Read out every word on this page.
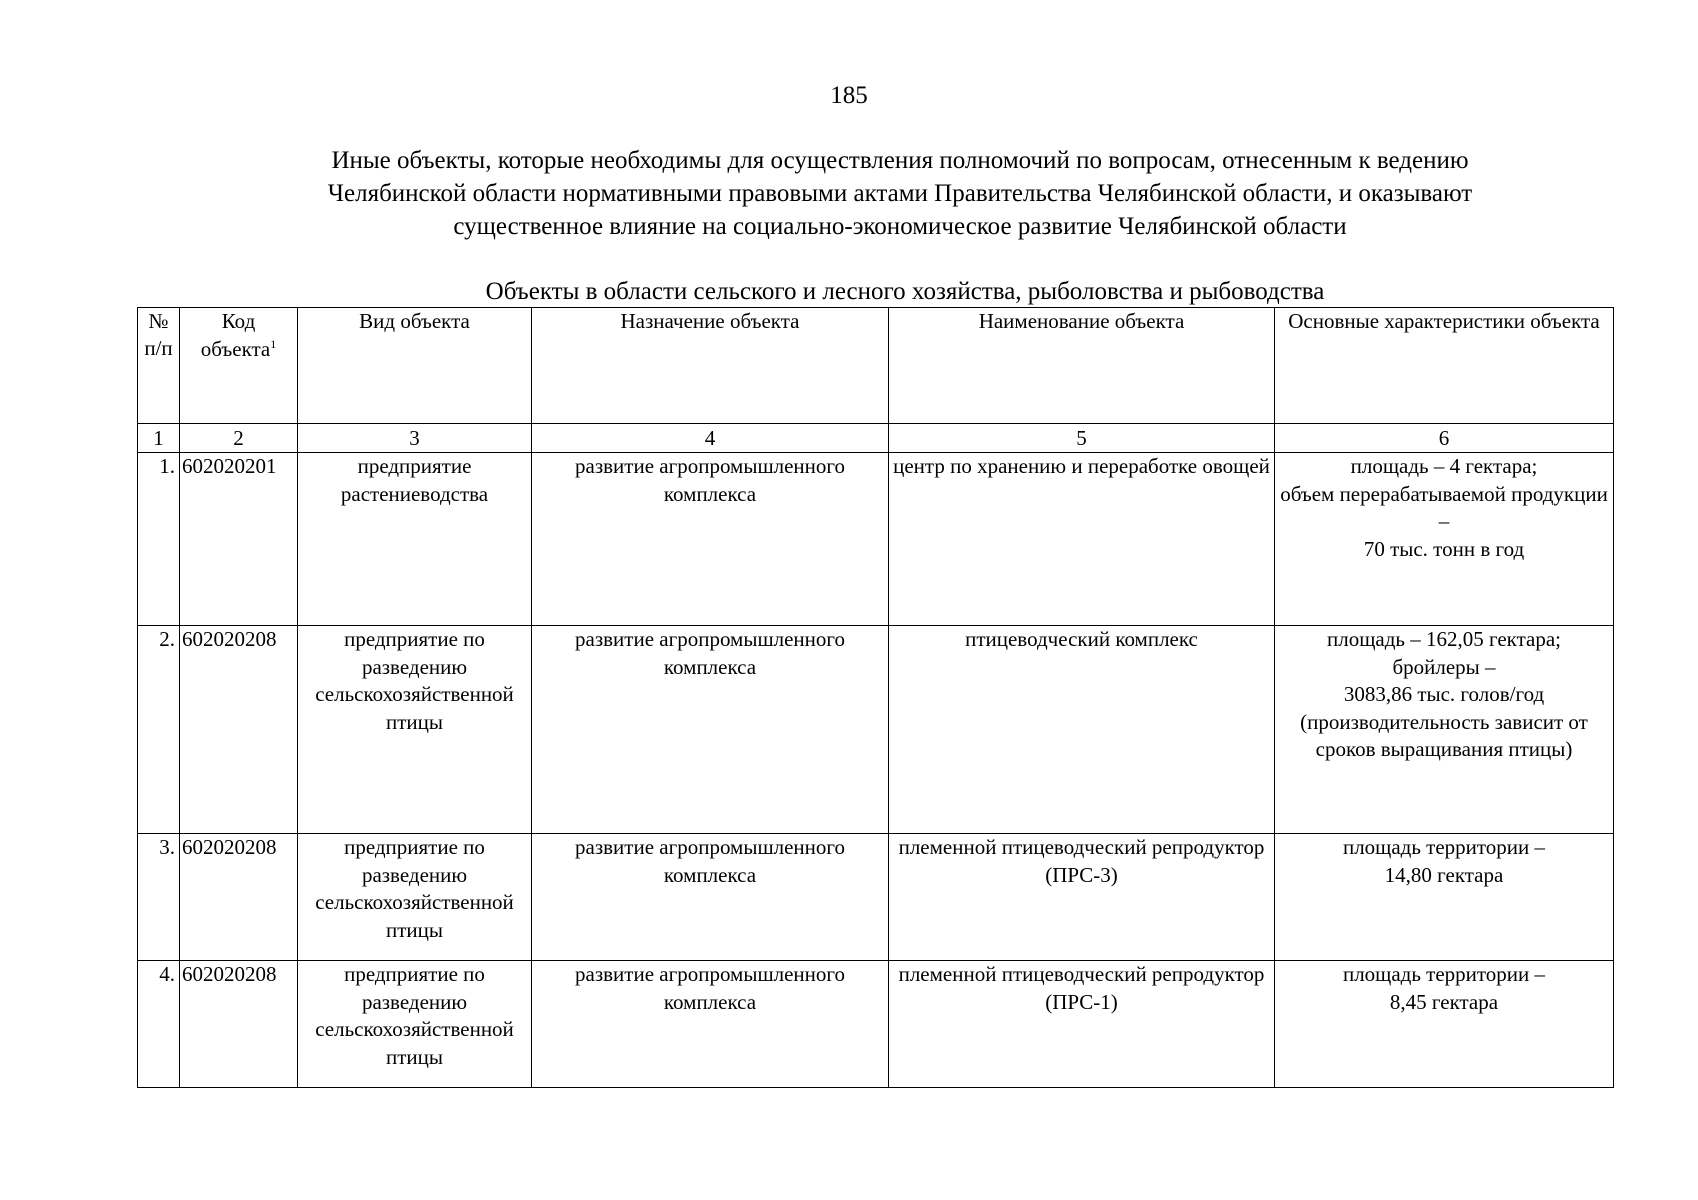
185
Иные объекты, которые необходимы для осуществления полномочий по вопросам, отнесенным к ведению
Челябинской области нормативными правовыми актами Правительства Челябинской области, и оказывают
существенное влияние на социально-экономическое развитие Челябинской области
Объекты в области сельского и лесного хозяйства, рыболовства и рыбоводства
№ п/п	Код объекта$^1$	Вид объекта	Назначение объекта	Наименование объекта	Основные характеристики объекта
1	2	3	4	5	6
1.	602020201	предприятие растениеводства	развитие агропромышленного комплекса	центр по хранению и переработке овощей	площадь – 4 гектара;
объем перерабатываемой продукции –
70 тыс. тонн в год

2.	602020208	предприятие по разведению сельскохозяйственной птицы	развитие агропромышленного комплекса	птицеводческий комплекс	площадь – 162,05 гектара;
бройлеры –
3083,86 тыс. голов/год
(производительность зависит от
сроков выращивания птицы)

3.	602020208	предприятие по разведению сельскохозяйственной птицы	развитие агропромышленного комплекса	племенной птицеводческий репродуктор (ПРС-3)	площадь территории –
14,80 гектара

4.	602020208	предприятие по разведению сельскохозяйственной птицы	развитие агропромышленного комплекса	племенной птицеводческий репродуктор (ПРС-1)	площадь территории –
8,45 гектара
